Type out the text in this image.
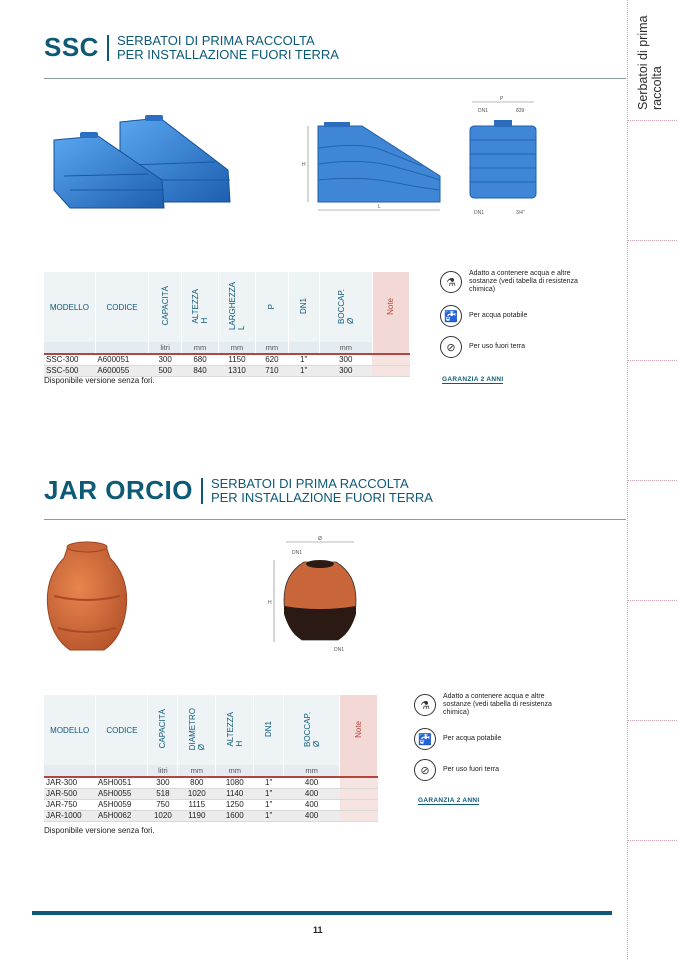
Serbatoi di prima raccolta
SSC SERBATOI DI PRIMA RACCOLTA
PER INSTALLAZIONE FUORI TERRA
H
L
P
DN1	839
DN1	3/4"
MODELLO	CODICE	CAPACITÀ	ALTEZZA
H	LARGHEZZA
L	P	DN1	BOCCAP.
Ø	Note
		litri	mm	mm	mm		mm	
SSC-300	A600051	300	680	1150	620	1"	300	
SSC-500	A600055	500	840	1310	710	1"	300	
Disponibile versione senza fori.
⚗
Adatto a contenere acqua e altre sostanze (vedi tabella di resistenza chimica)
🚰	Per acqua potabile
⊘	Per uso fuori terra
GARANZIA 2 ANNI
JAR ORCIO SERBATOI DI PRIMA RACCOLTA
PER INSTALLAZIONE FUORI TERRA
Ø
DN1
H
DN1
MODELLO	CODICE	CAPACITÀ	DIAMETRO
Ø	ALTEZZA
H	DN1	BOCCAP.
Ø	Note
		litri	mm	mm		mm	
JAR-300	A5H0051	300	800	1080	1"	400	
JAR-500	A5H0055	518	1020	1140	1"	400	
JAR-750	A5H0059	750	1115	1250	1"	400	
JAR-1000	A5H0062	1020	1190	1600	1"	400	
Disponibile versione senza fori.
⚗
Adatto a contenere acqua e altre sostanze (vedi tabella di resistenza chimica)
🚰	Per acqua potabile
⊘	Per uso fuori terra
GARANZIA 2 ANNI
11
